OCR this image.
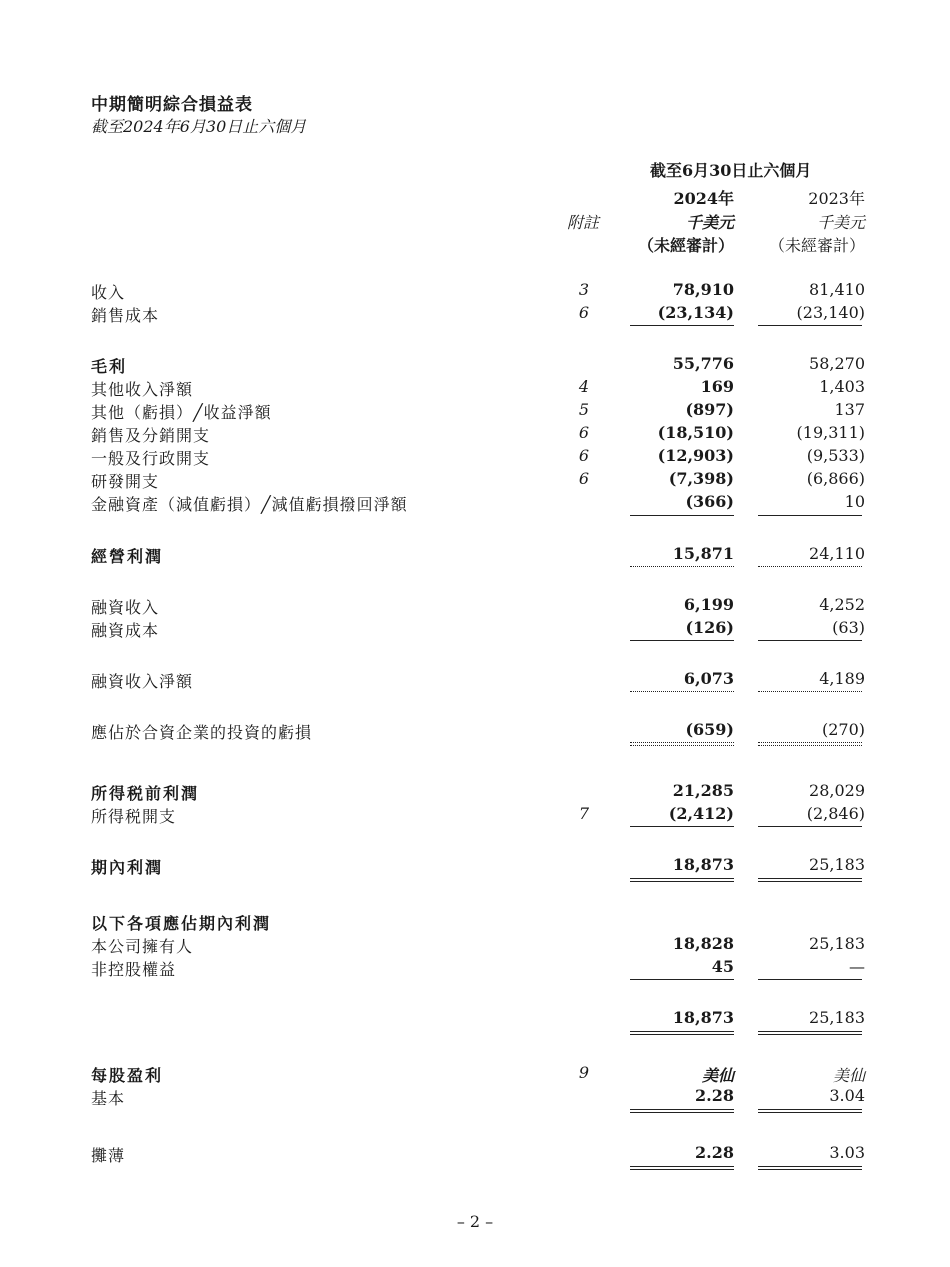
中期簡明綜合損益表
截至2024年6月30日止六個月
截至6月30日止六個月
附註
2024年	2023年
千美元	千美元
（未經審計） （未經審計）
收入	3	78,910	81,410
銷售成本	6	(23,134)	(23,140)
毛利	55,776	58,270
其他收入淨額	4	169	1,403
其他（虧損）╱收益淨額	5	(897)	137
銷售及分銷開支	6	(18,510)	(19,311)
一般及行政開支	6	(12,903)	(9,533)
研發開支	6	(7,398)	(6,866)
金融資產（減值虧損）╱減值虧損撥回淨額	(366)	10
經營利潤	15,871	24,110
融資收入	6,199	4,252
融資成本	(126)	(63)
融資收入淨額	6,073	4,189
應佔於合資企業的投資的虧損	(659)	(270)
所得税前利潤	21,285	28,029
所得税開支	7	(2,412)	(2,846)
期內利潤	18,873	25,183
以下各項應佔期內利潤
本公司擁有人	18,828	25,183
非控股權益	45	—
18,873	25,183
每股盈利	9	美仙	美仙
基本	2.28	3.04
攤薄	2.28	3.03
– 2 –
